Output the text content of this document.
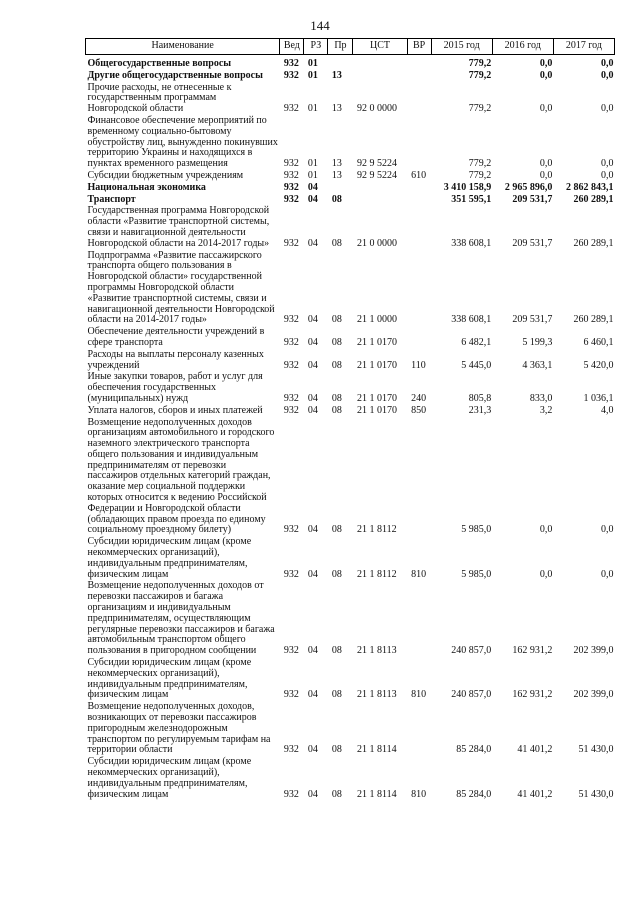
144
Наименование	Вед	РЗ	Пр	ЦСТ	ВР	2015 год	2016 год	2017 год
Общегосударственные вопросы	932	01				779,2	0,0	0,0
Другие общегосударственные вопросы	932	01	13			779,2	0,0	0,0
Прочие расходы, не отнесенные к государственным программам Новгородской области	932	01	13	92 0 0000		779,2	0,0	0,0
Финансовое обеспечение мероприятий по временному социально-бытовому обустройству лиц, вынужденно покинувших территорию Украины и находящихся в пунктах временного размещения	932	01	13	92 9 5224		779,2	0,0	0,0
Субсидии бюджетным учреждениям	932	01	13	92 9 5224	610	779,2	0,0	0,0
Национальная экономика	932	04				3 410 158,9	2 965 896,0	2 862 843,1
Транспорт	932	04	08			351 595,1	209 531,7	260 289,1
Государственная программа Новгородской области «Развитие транспортной системы, связи и навигационной деятельности Новгородской области на 2014-2017 годы»	932	04	08	21 0 0000		338 608,1	209 531,7	260 289,1
Подпрограмма «Развитие пассажирского транспорта общего пользования в Новгородской области» государственной программы Новгородской области «Развитие транспортной системы, связи и навигационной деятельности Новгородской области на 2014-2017 годы»	932	04	08	21 1 0000		338 608,1	209 531,7	260 289,1
Обеспечение деятельности учреждений в сфере транспорта	932	04	08	21 1 0170		6 482,1	5 199,3	6 460,1
Расходы на выплаты персоналу казенных учреждений	932	04	08	21 1 0170	110	5 445,0	4 363,1	5 420,0
Иные закупки товаров, работ и услуг для обеспечения государственных (муниципальных) нужд	932	04	08	21 1 0170	240	805,8	833,0	1 036,1
Уплата налогов, сборов и иных платежей	932	04	08	21 1 0170	850	231,3	3,2	4,0
Возмещение недополученных доходов организациям автомобильного и городского наземного электрического транспорта общего пользования и индивидуальным предпринимателям от перевозки пассажиров отдельных категорий граждан, оказание мер социальной поддержки которых относится к ведению Российской Федерации и Новгородской области (обладающих правом проезда по единому социальному проездному билету)	932	04	08	21 1 8112		5 985,0	0,0	0,0
Субсидии юридическим лицам (кроме некоммерческих организаций), индивидуальным предпринимателям, физическим лицам	932	04	08	21 1 8112	810	5 985,0	0,0	0,0
Возмещение недополученных доходов от перевозки пассажиров и багажа организациям и индивидуальным предпринимателям, осуществляющим регулярные перевозки пассажиров и багажа автомобильным транспортом общего пользования в пригородном сообщении	932	04	08	21 1 8113		240 857,0	162 931,2	202 399,0
Субсидии юридическим лицам (кроме некоммерческих организаций), индивидуальным предпринимателям, физическим лицам	932	04	08	21 1 8113	810	240 857,0	162 931,2	202 399,0
Возмещение недополученных доходов, возникающих от перевозки пассажиров пригородным железнодорожным транспортом по регулируемым тарифам на территории области	932	04	08	21 1 8114		85 284,0	41 401,2	51 430,0
Субсидии юридическим лицам (кроме некоммерческих организаций), индивидуальным предпринимателям, физическим лицам	932	04	08	21 1 8114	810	85 284,0	41 401,2	51 430,0
